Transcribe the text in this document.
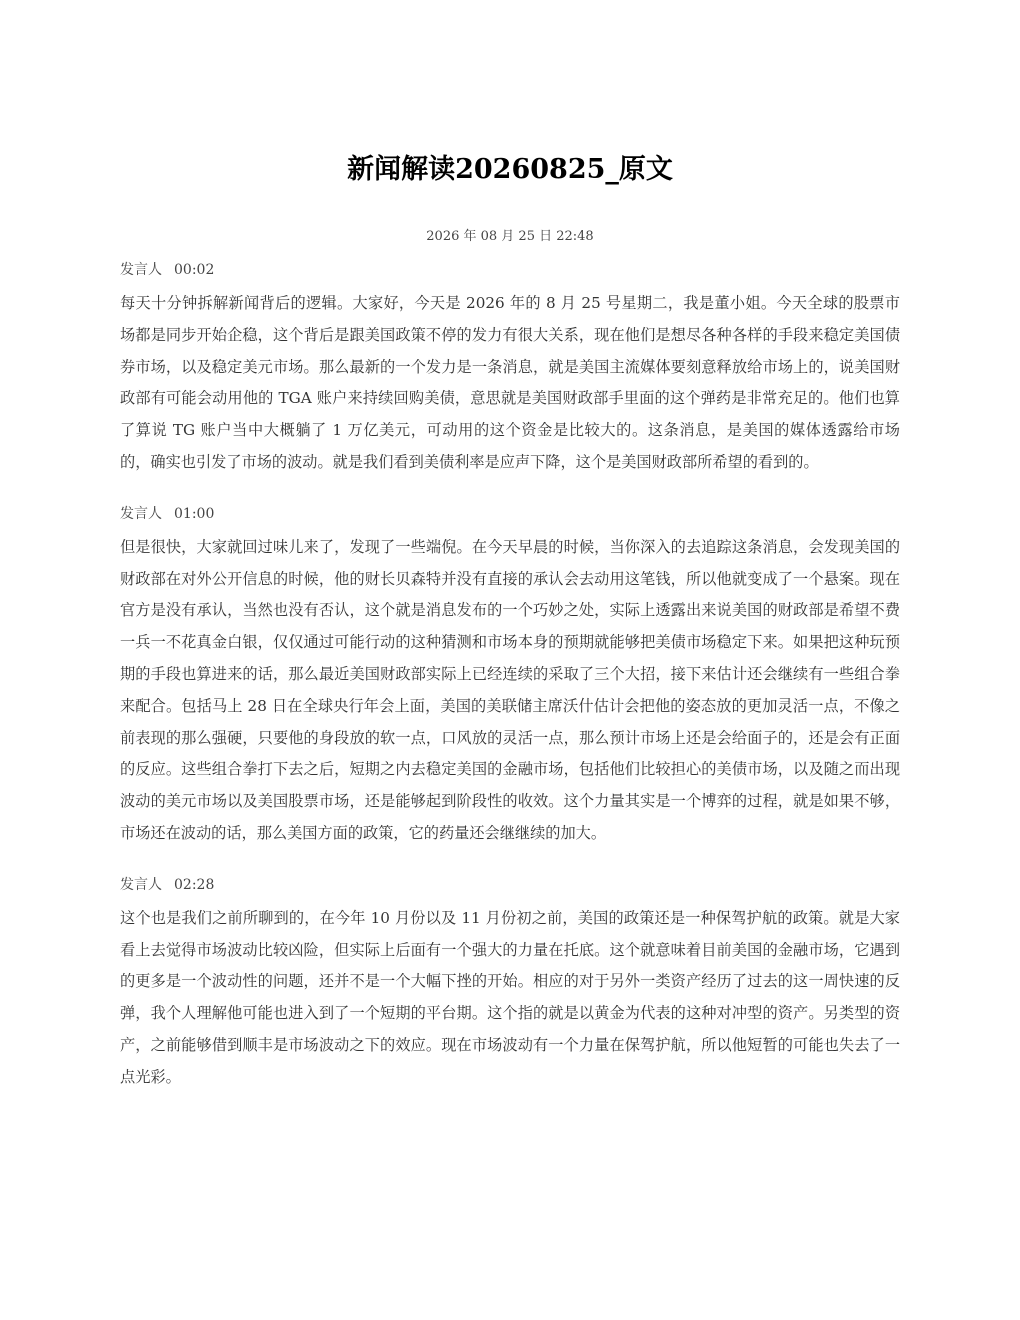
新闻解读20260825_原文
2026 年 08 月 25 日 22:48
发言人 00:02

每天十分钟拆解新闻背后的逻辑。大家好，今天是 2026 年的 8 月 25 号星期二，我是董小姐。今天全球的股票市场都是同步开始企稳，这个背后是跟美国政策不停的发力有很大关系，现在他们是想尽各种各样的手段来稳定美国债券市场，以及稳定美元市场。那么最新的一个发力是一条消息，就是美国主流媒体要刻意释放给市场上的，说美国财政部有可能会动用他的 TGA 账户来持续回购美债，意思就是美国财政部手里面的这个弹药是非常充足的。他们也算了算说 TG 账户当中大概躺了 1 万亿美元，可动用的这个资金是比较大的。这条消息，是美国的媒体透露给市场的，确实也引发了市场的波动。就是我们看到美债利率是应声下降，这个是美国财政部所希望的看到的。

发言人 01:00

但是很快，大家就回过味儿来了，发现了一些端倪。在今天早晨的时候，当你深入的去追踪这条消息，会发现美国的财政部在对外公开信息的时候，他的财长贝森特并没有直接的承认会去动用这笔钱，所以他就变成了一个悬案。现在官方是没有承认，当然也没有否认，这个就是消息发布的一个巧妙之处，实际上透露出来说美国的财政部是希望不费一兵一不花真金白银，仅仅通过可能行动的这种猜测和市场本身的预期就能够把美债市场稳定下来。如果把这种玩预期的手段也算进来的话，那么最近美国财政部实际上已经连续的采取了三个大招，接下来估计还会继续有一些组合拳来配合。包括马上 28 日在全球央行年会上面，美国的美联储主席沃什估计会把他的姿态放的更加灵活一点，不像之前表现的那么强硬，只要他的身段放的软一点，口风放的灵活一点，那么预计市场上还是会给面子的，还是会有正面的反应。这些组合拳打下去之后，短期之内去稳定美国的金融市场，包括他们比较担心的美债市场，以及随之而出现波动的美元市场以及美国股票市场，还是能够起到阶段性的收效。这个力量其实是一个博弈的过程，就是如果不够，市场还在波动的话，那么美国方面的政策，它的药量还会继继续的加大。

发言人 02:28

这个也是我们之前所聊到的，在今年 10 月份以及 11 月份初之前，美国的政策还是一种保驾护航的政策。就是大家看上去觉得市场波动比较凶险，但实际上后面有一个强大的力量在托底。这个就意味着目前美国的金融市场，它遇到的更多是一个波动性的问题，还并不是一个大幅下挫的开始。相应的对于另外一类资产经历了过去的这一周快速的反弹，我个人理解他可能也进入到了一个短期的平台期。这个指的就是以黄金为代表的这种对冲型的资产。另类型的资产，之前能够借到顺丰是市场波动之下的效应。现在市场波动有一个力量在保驾护航，所以他短暂的可能也失去了一点光彩。
